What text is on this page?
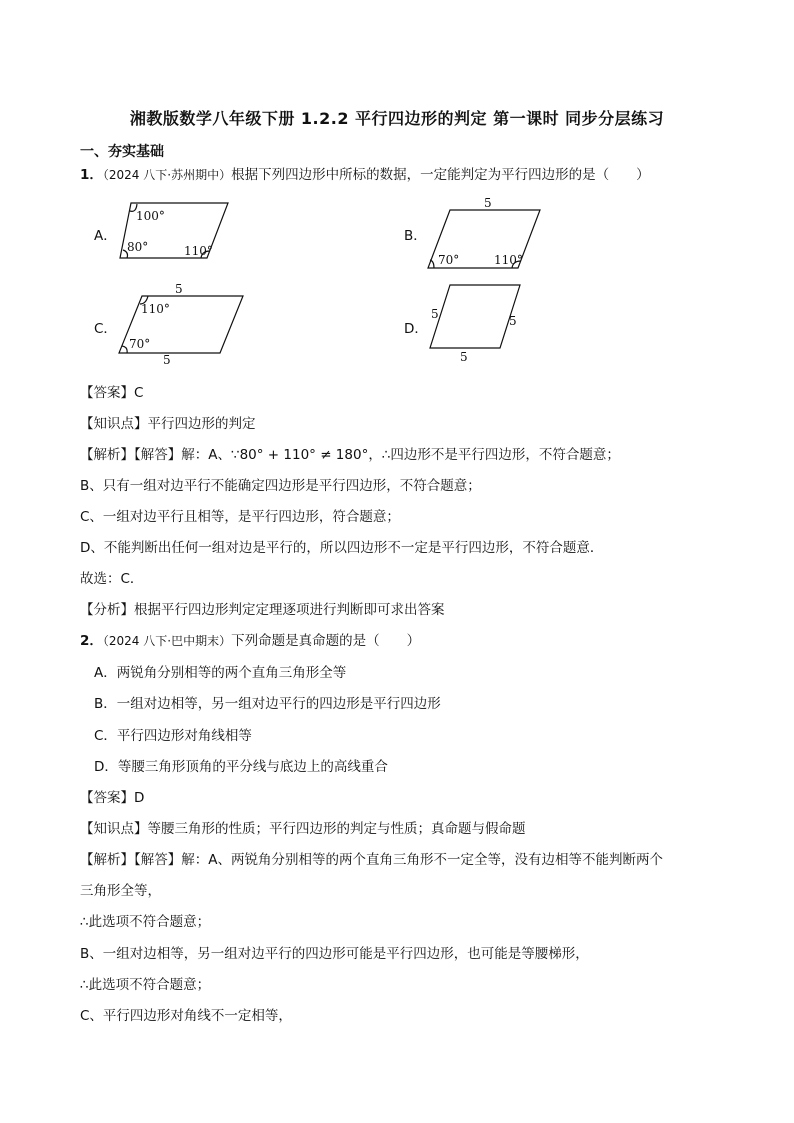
湘教版数学八年级下册 1.2.2 平行四边形的判定 第一课时 同步分层练习
一、夯实基础
1．（2024 八下·苏州期中）根据下列四边形中所标的数据，一定能判定为平行四边形的是（　　）
A．
100°
80°	110°
B．
5
70°	110°
C．
5
110°
70°
5
D．
5	5
5
【答案】C
【知识点】平行四边形的判定
【解析】【解答】解：A、∵80° + 110° ≠ 180°，∴四边形不是平行四边形，不符合题意；
B、只有一组对边平行不能确定四边形是平行四边形，不符合题意；
C、一组对边平行且相等，是平行四边形，符合题意；
D、不能判断出任何一组对边是平行的，所以四边形不一定是平行四边形，不符合题意．
故选：C．
【分析】根据平行四边形判定定理逐项进行判断即可求出答案
2．（2024 八下·巴中期末）下列命题是真命题的是（　　）
A．两锐角分别相等的两个直角三角形全等
B．一组对边相等，另一组对边平行的四边形是平行四边形
C．平行四边形对角线相等
D．等腰三角形顶角的平分线与底边上的高线重合
【答案】D
【知识点】等腰三角形的性质；平行四边形的判定与性质；真命题与假命题
【解析】【解答】解：A、两锐角分别相等的两个直角三角形不一定全等，没有边相等不能判断两个
三角形全等，
∴此选项不符合题意；
B、一组对边相等，另一组对边平行的四边形可能是平行四边形，也可能是等腰梯形，
∴此选项不符合题意；
C、平行四边形对角线不一定相等，
